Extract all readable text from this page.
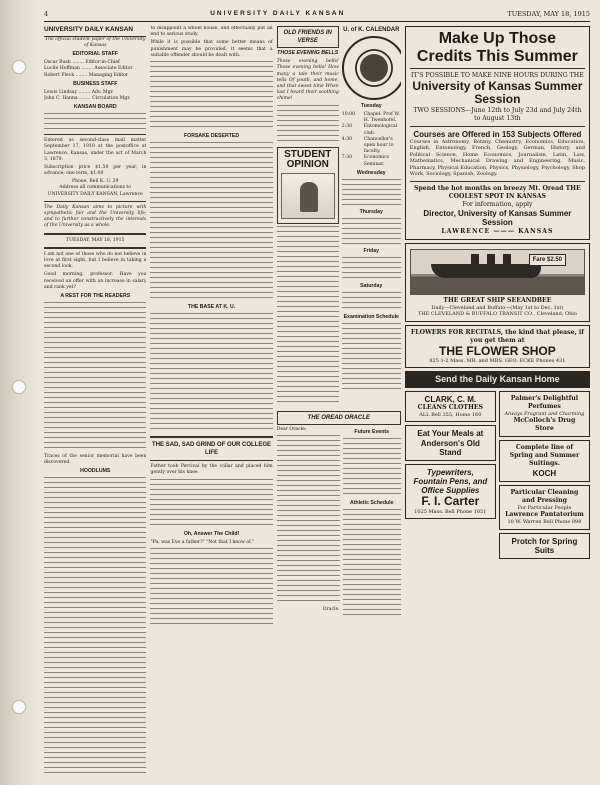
4	UNIVERSITY DAILY KANSAN	TUESDAY, MAY 18, 1915
UNIVERSITY DAILY KANSAN
The official student paper of the University of Kansas
EDITORIAL STAFF
Oscar Bush ........ Editor-in-Chief
Lucile Hoffman ........ Associate Editor
Robert Fleck ........ Managing Editor
BUSINESS STAFF
Lewis Lindsay ........ Adv. Mgr.
John C. Hanna ........ Circulation Mgr.
KANSAN BOARD
Entered as second-class mail matter September 17, 1910 at the postoffice at Lawrence, Kansas, under the act of March 3, 1879.
Subscription price $1.50 per year, in advance; one term, $1.00
Phone, Bell K. U. 29
Address all communications to UNIVERSITY DAILY KANSAN, Lawrence
The Daily Kansan aims to picture with sympathetic fair and the University life; and to further constructively the interests of the University as a whole.
TUESDAY, MAY 18, 1915
I am not one of those who do not believe in love at first sight, but I believe in taking a second look.
Good morning, professor. Have you received an offer with an increase in salary and rank yet?
A REST FOR THE READERS
Traces of the senior memorial have been discovered.
HOODLUMS
to disappoint a whole house, and effectually put an end to serious study.
While it is possible that some better means of punishment may be provided, it seems that a suitable offender should be dealt with.
FORSAKE DESERTED
THE BASE AT K. U.
THE SAD, SAD GRIND OF OUR COLLEGE LIFE
Father took Percival by the collar and placed him gently over his knee.
Oh, Answer The Child!
"Pa, was Eve a father?" "Not that I know of."
OLD FRIENDS IN VERSE
THOSE EVENING BELLS
Those evening bells! Those evening bells! How many a tale their music tells Of youth, and home, and that sweet time When last I heard their soothing chime!
STUDENT OPINION
U. of K. CALENDAR
Tuesday
10:00	Chapel: Prof W. H. Twenhofel.
2:30	Entomological club.
4:30	Chancellor's open hour to faculty.
7:30	Economics Seminar.
Wednesday
Thursday
Friday
Saturday
Examination Schedule
THE OREAD ORACLE
Dear Oracle:
Oracle.
Future Events
Athletic Schedule
Make Up Those Credits This Summer
IT'S POSSIBLE TO MAKE NINE HOURS DURING THE
University of Kansas Summer Session
TWO SESSIONS—June 12th to July 23d and July 24th to August 13th
Courses are Offered in 153 Subjects Offered
Courses in Astronomy, Botany, Chemistry, Economics, Education, English, Entomology, French, Geology, German, History, and Political Science, Home Economics, Journalism, Latin, Law, Mathematics, Mechanical Drawing and Engineering, Music, Pharmacy, Physical Education, Physics, Physiology, Psychology, Shop Work, Sociology, Spanish, Zoology.
Spend the hot months on breezy Mt. Oread THE COOLEST SPOT IN KANSAS
For information, apply
Director, University of Kansas Summer Session
LAWRENCE ——— KANSAS
Fare $2.50
THE GREAT SHIP SEEANDBEE
Daily—Cleveland and Buffalo—(May 1st to Dec. 1st)
THE CLEVELAND & BUFFALO TRANSIT CO., Cleveland, Ohio
FLOWERS FOR RECITALS, the kind that please, if you get them at
THE FLOWER SHOP
825 1-2 Mass. MR. and MRS. GEO. ECKE Phones 431
Send the Daily Kansan Home
CLARK, C. M.
CLEANS CLOTHES
ALL Bell 355, Home 160
Eat Your Meals at Anderson's Old Stand
Typewriters, Fountain Pens, and Office Supplies
F. I. Carter
1025 Mass. Bell Phone 1051
Palmer's Delightful Perfumes
Always Fragrant and Charming
McColloch's Drug Store
Complete line of Spring and Summer Suitings.
KOCH
Particular Cleaning and Pressing
For Particular People
Lawrence Pantatorium
10 W. Warren Bell Phone 898
Protch for Spring Suits
